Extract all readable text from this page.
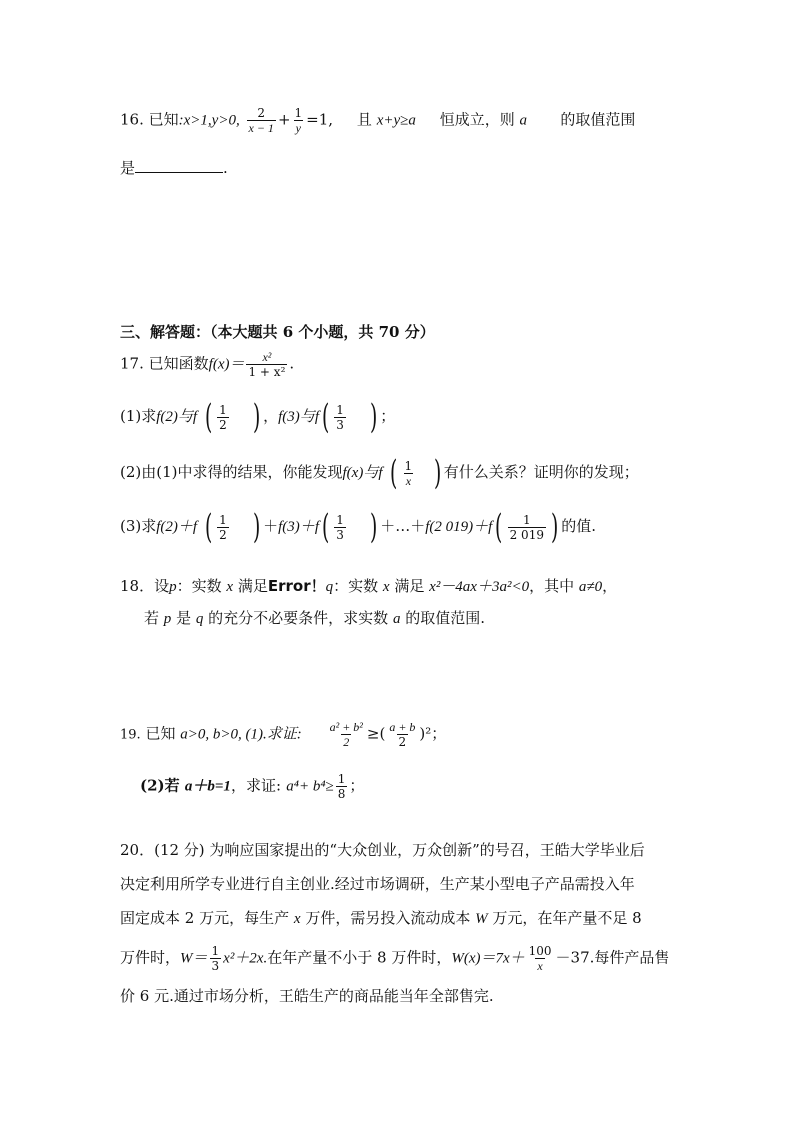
16. 已知:x>1,y>0, $\frac{2}{x - 1} + \frac{1}{y} =1$, 且 x+y≥a 恒成立，则 a 的取值范围
是	.
三、解答题：（本大题共 6 个小题，共 70 分）
17. 已知函数$f(x)= \frac{\text{x²}}{\text{1 + x²}}$ .
(1)求f(2)与f ( $\frac{1}{2}$ ) ，f(3)与$f( \frac{1}{3}$ ) ；
(2)由(1)中求得的结果，你能发现f(x)与f ( $\frac{1}{x}$ ) 有什么关系？证明你的发现；
(3)求f(2)＋f ( $\frac{1}{2}$ ) $+f(3)+f( \frac{1}{3}$ ) ＋…＋f(2 $019)+f( \frac{1}{2 019}$ ) 的值.
18．设p：实数 x 满足Error！q：实数 x 满足 x²－4ax＋3a²<0，其中 a≠0，
若 p 是 q 的充分不必要条件，求实数 a 的取值范围.
19. 已知 a>0, b>0, (1).求证: $\frac{\text{a² + b²}}{2}$ ≥( $\frac{a + b}{2} )^2$；
(2)若 a＋b=1，求证: $a^4+ b^4\ge \frac{1}{8}$ ；
20．(12 分) 为响应国家提出的“大众创业，万众创新”的号召，王皓大学毕业后
决定利用所学专业进行自主创业.经过市场调研，生产某小型电子产品需投入年
固定成本 2 万元，每生产 x 万件，需另投入流动成本 W 万元，在年产量不足 8
万件时，$W= \frac{1}{3} x^2+2x$.在年产量不小于 8 万件时，$W(x)=7x+ \frac{100}{x} -37$.每件产品售
价 6 元.通过市场分析，王皓生产的商品能当年全部售完.
